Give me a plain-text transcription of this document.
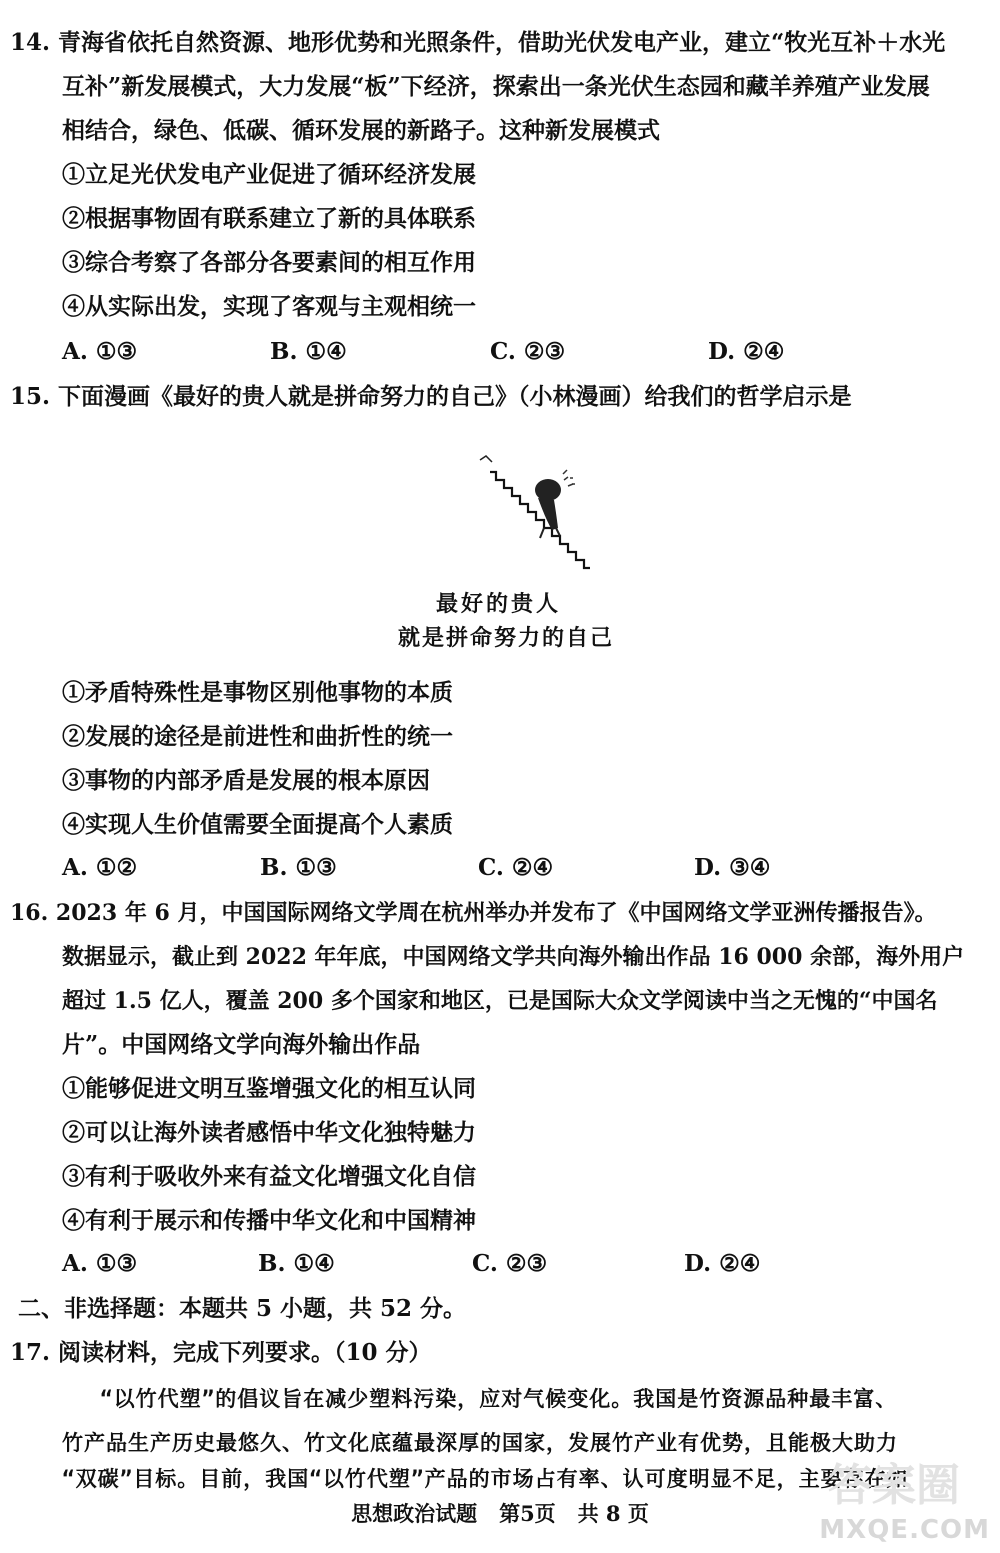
14. 青海省依托自然资源、地形优势和光照条件，借助光伏发电产业，建立“牧光互补＋水光
互补”新发展模式，大力发展“板”下经济，探索出一条光伏生态园和藏羊养殖产业发展
相结合，绿色、低碳、循环发展的新路子。这种新发展模式
①立足光伏发电产业促进了循环经济发展
②根据事物固有联系建立了新的具体联系
③综合考察了各部分各要素间的相互作用
④从实际出发，实现了客观与主观相统一
A. ①③	B. ①④	C. ②③	D. ②④
15. 下面漫画《最好的贵人就是拼命努力的自己》（小林漫画）给我们的哲学启示是
最好的贵人
就是拼命努力的自己
①矛盾特殊性是事物区别他事物的本质
②发展的途径是前进性和曲折性的统一
③事物的内部矛盾是发展的根本原因
④实现人生价值需要全面提高个人素质
A. ①②	B. ①③	C. ②④	D. ③④
16. 2023 年 6 月，中国国际网络文学周在杭州举办并发布了《中国网络文学亚洲传播报告》。
数据显示，截止到 2022 年年底，中国网络文学共向海外输出作品 16 000 余部，海外用户
超过 1.5 亿人，覆盖 200 多个国家和地区，已是国际大众文学阅读中当之无愧的“中国名
片”。中国网络文学向海外输出作品
①能够促进文明互鉴增强文化的相互认同
②可以让海外读者感悟中华文化独特魅力
③有利于吸收外来有益文化增强文化自信
④有利于展示和传播中华文化和中国精神
A. ①③	B. ①④	C. ②③	D. ②④
二、非选择题：本题共 5 小题，共 52 分。
17. 阅读材料，完成下列要求。（10 分）
“以竹代塑”的倡议旨在减少塑料污染，应对气候变化。我国是竹资源品种最丰富、
竹产品生产历史最悠久、竹文化底蕴最深厚的国家，发展竹产业有优势，且能极大助力
“双碳”目标。目前，我国“以竹代塑”产品的市场占有率、认可度明显不足，主要存在如
思想政治试题   第5页   共 8 页
答案圈
MXQE.COM
